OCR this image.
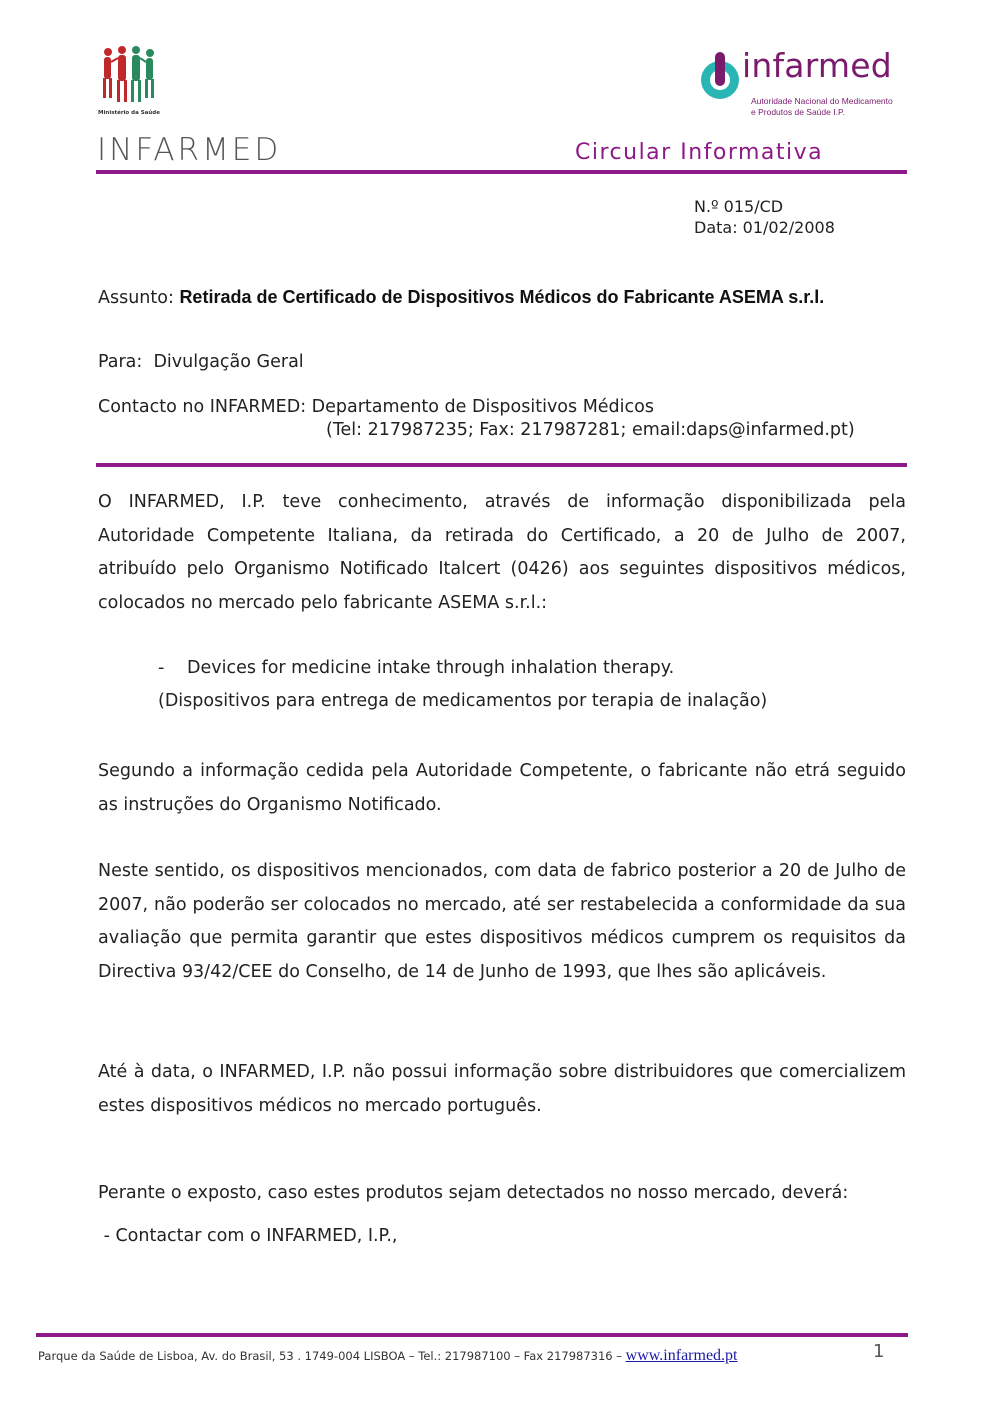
Ministério da Saúde
infarmed
Autoridade Nacional do Medicamento
e Produtos de Saúde I.P.
INFARMED	Circular Informativa
N.º 015/CD
Data: 01/02/2008
Assunto: Retirada de Certificado de Dispositivos Médicos do Fabricante ASEMA s.r.l.
Para: Divulgação Geral
Contacto no INFARMED: Departamento de Dispositivos Médicos
(Tel: 217987235; Fax: 217987281; email:daps@infarmed.pt)
O INFARMED, I.P. teve conhecimento, através de informação disponibilizada pela Autoridade Competente Italiana, da retirada do Certificado, a 20 de Julho de 2007, atribuído pelo Organismo Notificado Italcert (0426) aos seguintes dispositivos médicos, colocados no mercado pelo fabricante ASEMA s.r.l.:
- Devices for medicine intake through inhalation therapy.
(Dispositivos para entrega de medicamentos por terapia de inalação)
Segundo a informação cedida pela Autoridade Competente, o fabricante não etrá seguido as instruções do Organismo Notificado.
Neste sentido, os dispositivos mencionados, com data de fabrico posterior a 20 de Julho de 2007, não poderão ser colocados no mercado, até ser restabelecida a conformidade da sua avaliação que permita garantir que estes dispositivos médicos cumprem os requisitos da Directiva 93/42/CEE do Conselho, de 14 de Junho de 1993, que lhes são aplicáveis.
Até à data, o INFARMED, I.P. não possui informação sobre distribuidores que comercializem estes dispositivos médicos no mercado português.
Perante o exposto, caso estes produtos sejam detectados no nosso mercado, deverá:
- Contactar com o INFARMED, I.P.,
Parque da Saúde de Lisboa, Av. do Brasil, 53 . 1749-004 LISBOA – Tel.: 217987100 – Fax 217987316 – www.infarmed.pt	1
